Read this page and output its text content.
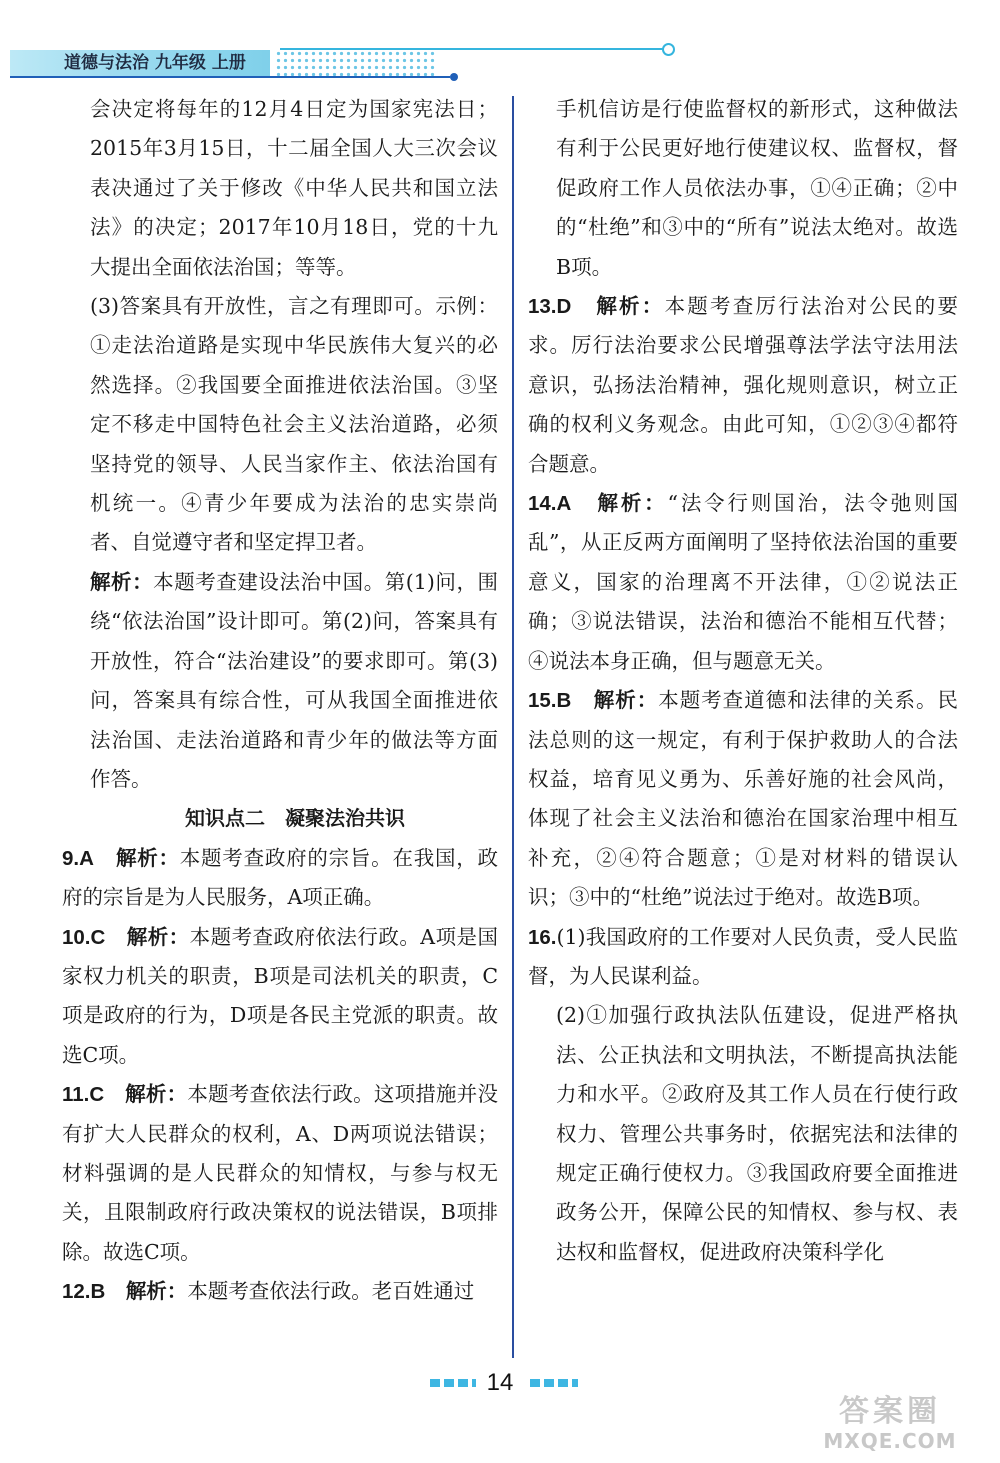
道德与法治 九年级 上册

会决定将每年的12月4日定为国家宪法日；2015年3月15日，十二届全国人大三次会议表决通过了关于修改《中华人民共和国立法法》的决定；2017年10月18日，党的十九大提出全面依法治国；等等。

(3)答案具有开放性，言之有理即可。示例：①走法治道路是实现中华民族伟大复兴的必然选择。②我国要全面推进依法治国。③坚定不移走中国特色社会主义法治道路，必须坚持党的领导、人民当家作主、依法治国有机统一。④青少年要成为法治的忠实崇尚者、自觉遵守者和坚定捍卫者。

解析：本题考查建设法治中国。第(1)问，围绕“依法治国”设计即可。第(2)问，答案具有开放性，符合“法治建设”的要求即可。第(3)问，答案具有综合性，可从我国全面推进依法治国、走法治道路和青少年的做法等方面作答。

知识点二　凝聚法治共识

9.A　 解析：本题考查政府的宗旨。在我国，政府的宗旨是为人民服务，A项正确。

10.C　 解析：本题考查政府依法行政。A项是国家权力机关的职责，B项是司法机关的职责，C项是政府的行为，D项是各民主党派的职责。故选C项。

11.C　 解析：本题考查依法行政。这项措施并没有扩大人民群众的权利，A、D两项说法错误；材料强调的是人民群众的知情权，与参与权无关，且限制政府行政决策权的说法错误，B项排除。故选C项。

12.B　 解析：本题考查依法行政。老百姓通过

手机信访是行使监督权的新形式，这种做法有利于公民更好地行使建议权、监督权，督促政府工作人员依法办事，①④正确；②中的“杜绝”和③中的“所有”说法太绝对。故选B项。

13.D　 解析：本题考查厉行法治对公民的要求。厉行法治要求公民增强尊法学法守法用法意识，弘扬法治精神，强化规则意识，树立正确的权利义务观念。由此可知，①②③④都符合题意。

14.A　 解析：“法令行则国治，法令弛则国乱”，从正反两方面阐明了坚持依法治国的重要意义，国家的治理离不开法律，①②说法正确；③说法错误，法治和德治不能相互代替；④说法本身正确，但与题意无关。

15.B　 解析：本题考查道德和法律的关系。民法总则的这一规定，有利于保护救助人的合法权益，培育见义勇为、乐善好施的社会风尚，体现了社会主义法治和德治在国家治理中相互补充，②④符合题意；①是对材料的错误认识；③中的“杜绝”说法过于绝对。故选B项。

16.(1)我国政府的工作要对人民负责，受人民监督，为人民谋利益。

(2)①加强行政执法队伍建设，促进严格执法、公正执法和文明执法，不断提高执法能力和水平。②政府及其工作人员在行使行政权力、管理公共事务时，依据宪法和法律的规定正确行使权力。③我国政府要全面推进政务公开，保障公民的知情权、参与权、表达权和监督权，促进政府决策科学化

14
答案圈
MXQE.COM
